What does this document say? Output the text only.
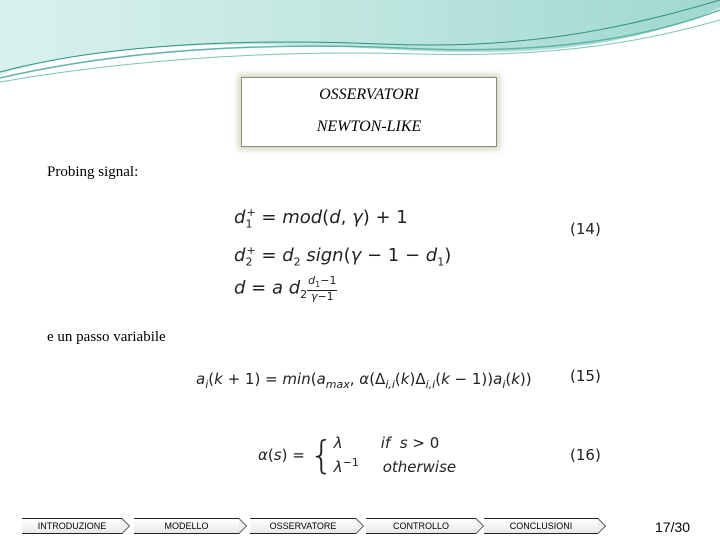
OSSERVATORI
NEWTON-LIKE
Probing signal:
$d_1^+ = mod(d$, γ) + 1
$d_2^+ = d_2$ sign(γ − $1 - d_1$)
d = a $d_2 \frac{d_1-1}{\gamma-1}$
(14)
e un passo variabile
$a_i(k + 1) = \min(a_{max}$, $\alpha(\Delta_{i,i}(k)\Delta_{i,i}(k - 1))a_i(k)$)	(15)
α(s) = { λ	if s > 0
$\lambda^{-1}$ otherwise
(16)
INTRODUZIONE	MODELLO	OSSERVATORE	CONTROLLO	CONCLUSIONI	17/30
